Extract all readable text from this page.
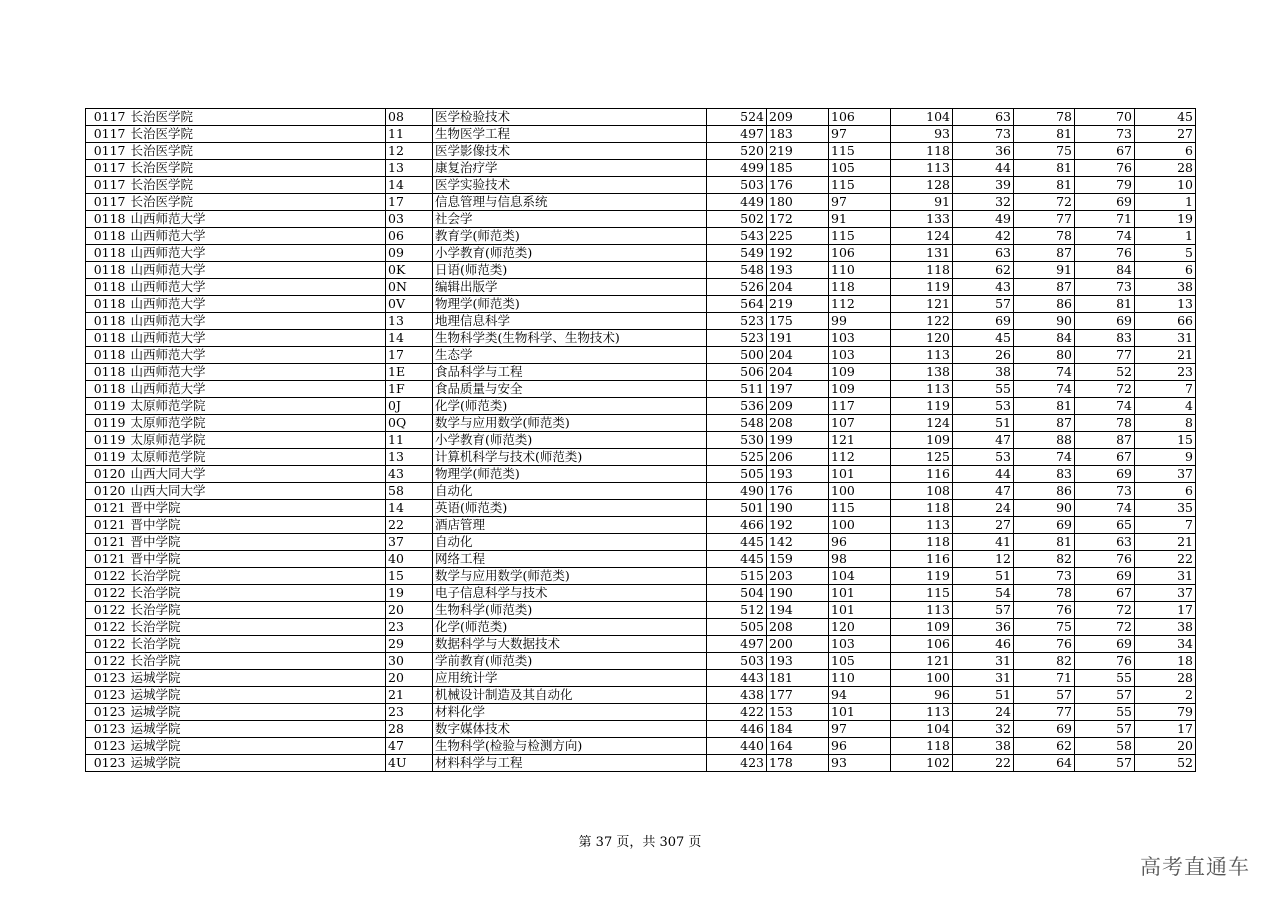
0117	长治医学院	08	医学检验技术	524	209	106	104	63	78	70	45
0117	长治医学院	11	生物医学工程	497	183	97	93	73	81	73	27
0117	长治医学院	12	医学影像技术	520	219	115	118	36	75	67	6
0117	长治医学院	13	康复治疗学	499	185	105	113	44	81	76	28
0117	长治医学院	14	医学实验技术	503	176	115	128	39	81	79	10
0117	长治医学院	17	信息管理与信息系统	449	180	97	91	32	72	69	1
0118	山西师范大学	03	社会学	502	172	91	133	49	77	71	19
0118	山西师范大学	06	教育学(师范类)	543	225	115	124	42	78	74	1
0118	山西师范大学	09	小学教育(师范类)	549	192	106	131	63	87	76	5
0118	山西师范大学	0K	日语(师范类)	548	193	110	118	62	91	84	6
0118	山西师范大学	0N	编辑出版学	526	204	118	119	43	87	73	38
0118	山西师范大学	0V	物理学(师范类)	564	219	112	121	57	86	81	13
0118	山西师范大学	13	地理信息科学	523	175	99	122	69	90	69	66
0118	山西师范大学	14	生物科学类(生物科学、生物技术)	523	191	103	120	45	84	83	31
0118	山西师范大学	17	生态学	500	204	103	113	26	80	77	21
0118	山西师范大学	1E	食品科学与工程	506	204	109	138	38	74	52	23
0118	山西师范大学	1F	食品质量与安全	511	197	109	113	55	74	72	7
0119	太原师范学院	0J	化学(师范类)	536	209	117	119	53	81	74	4
0119	太原师范学院	0Q	数学与应用数学(师范类)	548	208	107	124	51	87	78	8
0119	太原师范学院	11	小学教育(师范类)	530	199	121	109	47	88	87	15
0119	太原师范学院	13	计算机科学与技术(师范类)	525	206	112	125	53	74	67	9
0120	山西大同大学	43	物理学(师范类)	505	193	101	116	44	83	69	37
0120	山西大同大学	58	自动化	490	176	100	108	47	86	73	6
0121	晋中学院	14	英语(师范类)	501	190	115	118	24	90	74	35
0121	晋中学院	22	酒店管理	466	192	100	113	27	69	65	7
0121	晋中学院	37	自动化	445	142	96	118	41	81	63	21
0121	晋中学院	40	网络工程	445	159	98	116	12	82	76	22
0122	长治学院	15	数学与应用数学(师范类)	515	203	104	119	51	73	69	31
0122	长治学院	19	电子信息科学与技术	504	190	101	115	54	78	67	37
0122	长治学院	20	生物科学(师范类)	512	194	101	113	57	76	72	17
0122	长治学院	23	化学(师范类)	505	208	120	109	36	75	72	38
0122	长治学院	29	数据科学与大数据技术	497	200	103	106	46	76	69	34
0122	长治学院	30	学前教育(师范类)	503	193	105	121	31	82	76	18
0123	运城学院	20	应用统计学	443	181	110	100	31	71	55	28
0123	运城学院	21	机械设计制造及其自动化	438	177	94	96	51	57	57	2
0123	运城学院	23	材料化学	422	153	101	113	24	77	55	79
0123	运城学院	28	数字媒体技术	446	184	97	104	32	69	57	17
0123	运城学院	47	生物科学(检验与检测方向)	440	164	96	118	38	62	58	20
0123	运城学院	4U	材料科学与工程	423	178	93	102	22	64	57	52
第 37 页，共 307 页
高考直通车
